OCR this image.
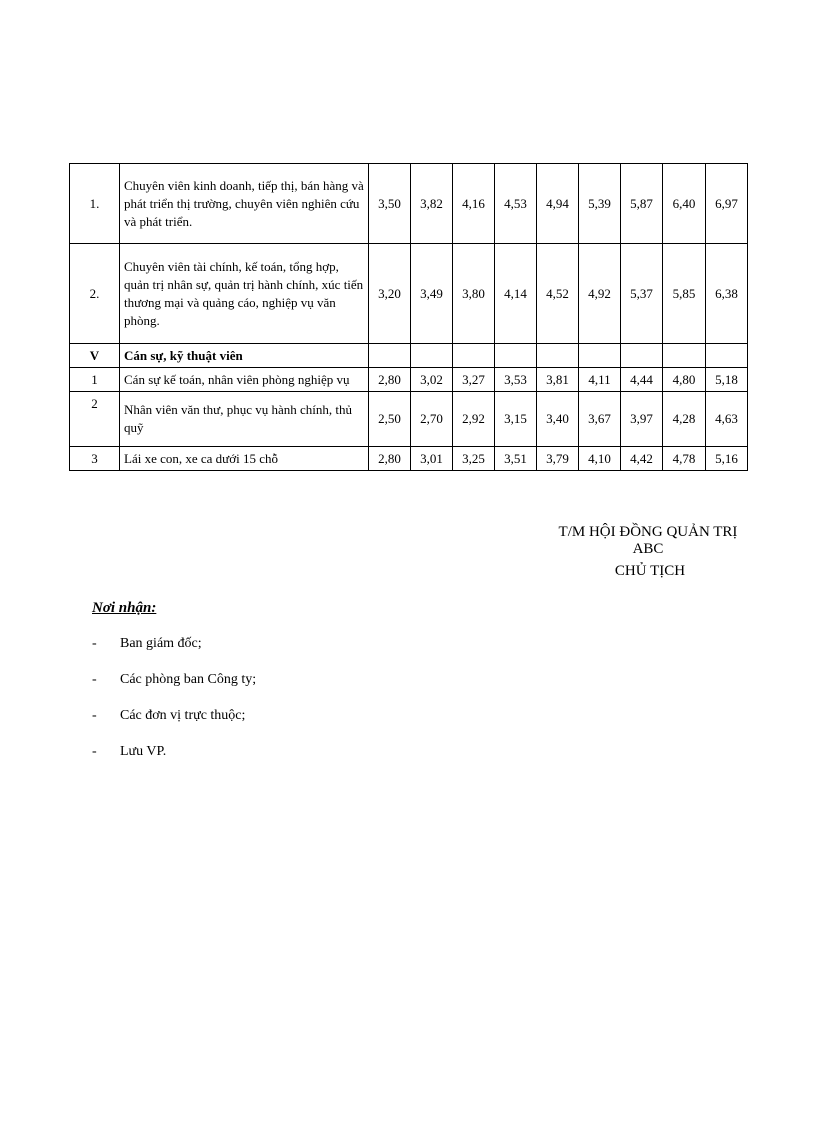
1.	Chuyên viên kinh doanh, tiếp thị, bán hàng và phát triển thị trường, chuyên viên nghiên cứu và phát triển.	3,50	3,82	4,16	4,53	4,94	5,39	5,87	6,40	6,97
2.	Chuyên viên tài chính, kế toán, tổng hợp, quản trị nhân sự, quản trị hành chính, xúc tiến thương mại và quảng cáo, nghiệp vụ văn phòng.	3,20	3,49	3,80	4,14	4,52	4,92	5,37	5,85	6,38
V	Cán sự, kỹ thuật viên									
1	Cán sự kế toán, nhân viên phòng nghiệp vụ	2,80	3,02	3,27	3,53	3,81	4,11	4,44	4,80	5,18
2	Nhân viên văn thư, phục vụ hành chính, thủ quỹ	2,50	2,70	2,92	3,15	3,40	3,67	3,97	4,28	4,63
3	Lái xe con, xe ca dưới 15 chỗ	2,80	3,01	3,25	3,51	3,79	4,10	4,42	4,78	5,16
T/M HỘI ĐỒNG QUẢN TRỊ ABC
CHỦ TỊCH
Nơi nhận:
- Ban giám đốc;
- Các phòng ban Công ty;
- Các đơn vị trực thuộc;
- Lưu VP.
